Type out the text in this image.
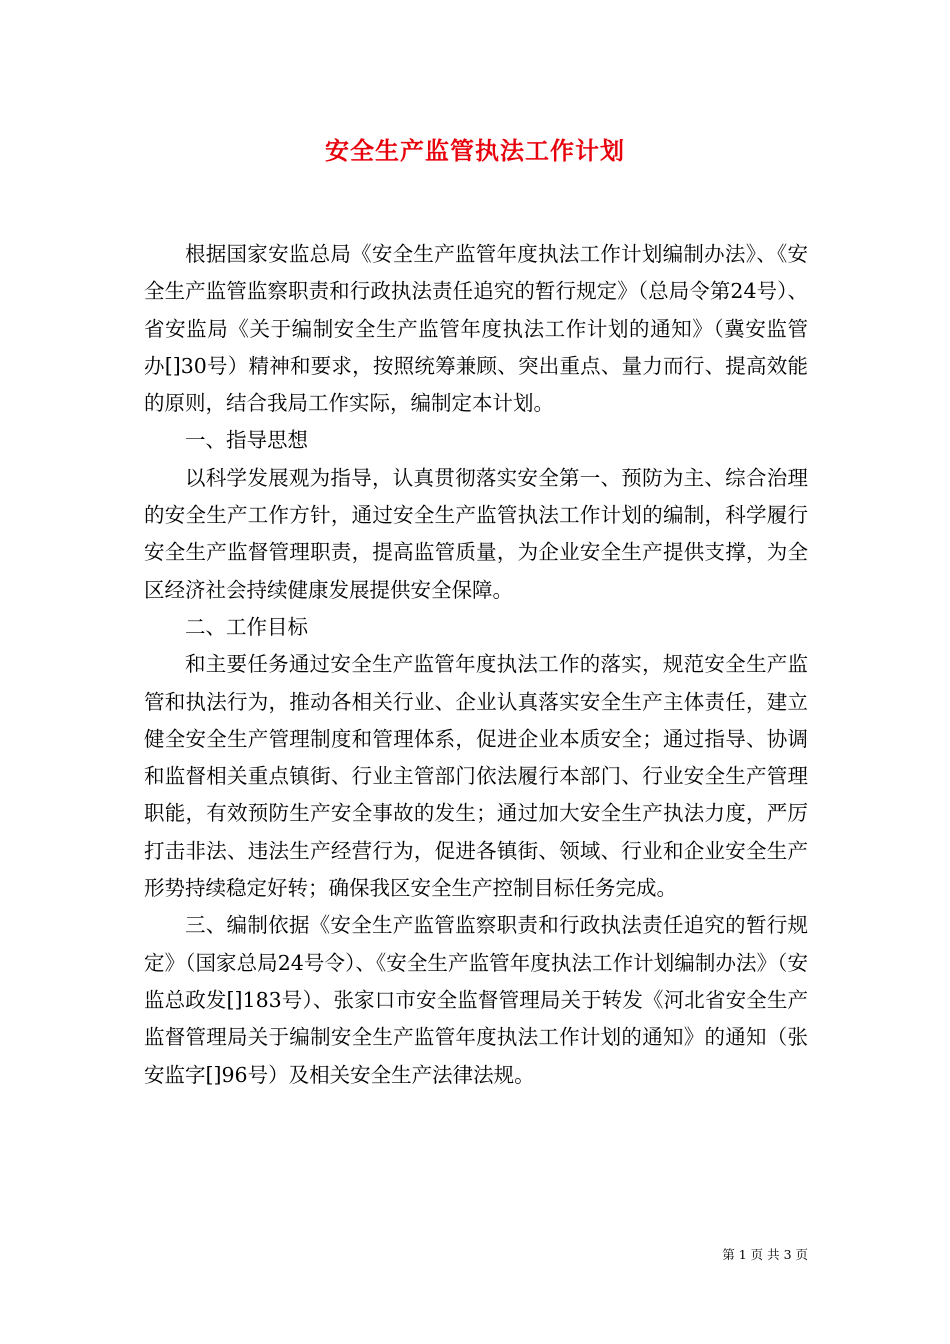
安全生产监管执法工作计划

根据国家安监总局《安全生产监管年度执法工作计划编制办法》、《安全生产监管监察职责和行政执法责任追究的暂行规定》（总局令第24号）、省安监局《关于编制安全生产监管年度执法工作计划的通知》（冀安监管办[]30号）精神和要求，按照统筹兼顾、突出重点、量力而行、提高效能的原则，结合我局工作实际，编制定本计划。

一、指导思想

以科学发展观为指导，认真贯彻落实安全第一、预防为主、综合治理的安全生产工作方针，通过安全生产监管执法工作计划的编制，科学履行安全生产监督管理职责，提高监管质量，为企业安全生产提供支撑，为全区经济社会持续健康发展提供安全保障。

二、工作目标

和主要任务通过安全生产监管年度执法工作的落实，规范安全生产监管和执法行为，推动各相关行业、企业认真落实安全生产主体责任，建立健全安全生产管理制度和管理体系，促进企业本质安全；通过指导、协调和监督相关重点镇街、行业主管部门依法履行本部门、行业安全生产管理职能，有效预防生产安全事故的发生；通过加大安全生产执法力度，严厉打击非法、违法生产经营行为，促进各镇街、领域、行业和企业安全生产形势持续稳定好转；确保我区安全生产控制目标任务完成。

三、编制依据《安全生产监管监察职责和行政执法责任追究的暂行规定》（国家总局24号令）、《安全生产监管年度执法工作计划编制办法》（安监总政发[]183号）、张家口市安全监督管理局关于转发《河北省安全生产监督管理局关于编制安全生产监管年度执法工作计划的通知》的通知（张安监字[]96号）及相关安全生产法律法规。

第 1 页 共 3 页
